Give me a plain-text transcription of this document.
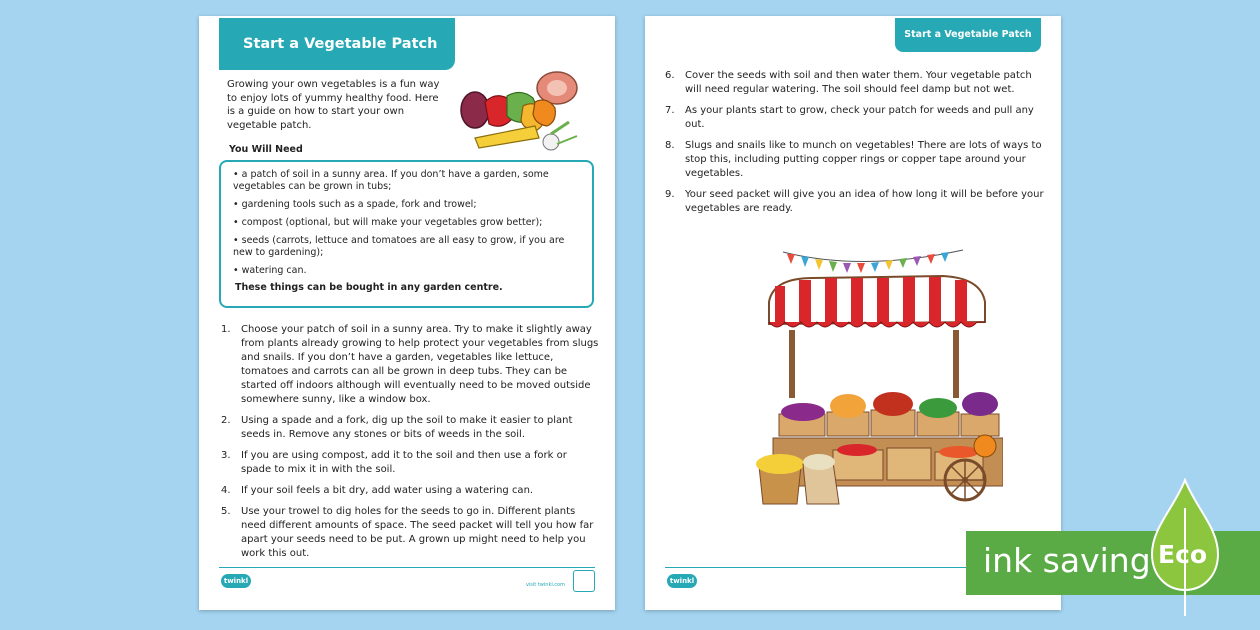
Start a Vegetable Patch
Growing your own vegetables is a fun way to enjoy lots of yummy healthy food. Here is a guide on how to start your own vegetable patch.
You Will Need
• a patch of soil in a sunny area. If you don’t have a garden, some vegetables can be grown in tubs;
• gardening tools such as a spade, fork and trowel;
• compost (optional, but will make your vegetables grow better);
• seeds (carrots, lettuce and tomatoes are all easy to grow, if you are new to gardening);
• watering can.
These things can be bought in any garden centre.
1. Choose your patch of soil in a sunny area. Try to make it slightly away from plants already growing to help protect your vegetables from slugs and snails. If you don’t have a garden, vegetables like lettuce, tomatoes and carrots can all be grown in deep tubs. They can be started off indoors although will eventually need to be moved outside somewhere sunny, like a window box.
2. Using a spade and a fork, dig up the soil to make it easier to plant seeds in. Remove any stones or bits of weeds in the soil.
3. If you are using compost, add it to the soil and then use a fork or spade to mix it in with the soil.
4. If your soil feels a bit dry, add water using a watering can.
5. Use your trowel to dig holes for the seeds to go in. Different plants need different amounts of space. The seed packet will tell you how far apart your seeds need to be put. A grown up might need to help you work this out.
twinkl	visit twinkl.com
Start a Vegetable Patch
6. Cover the seeds with soil and then water them. Your vegetable patch will need regular watering. The soil should feel damp but not wet.
7. As your plants start to grow, check your patch for weeds and pull any out.
8. Slugs and snails like to munch on vegetables! There are lots of ways to stop this, including putting copper rings or copper tape around your vegetables.
9. Your seed packet will give you an idea of how long it will be before your vegetables are ready.
twinkl
ink saving Eco
